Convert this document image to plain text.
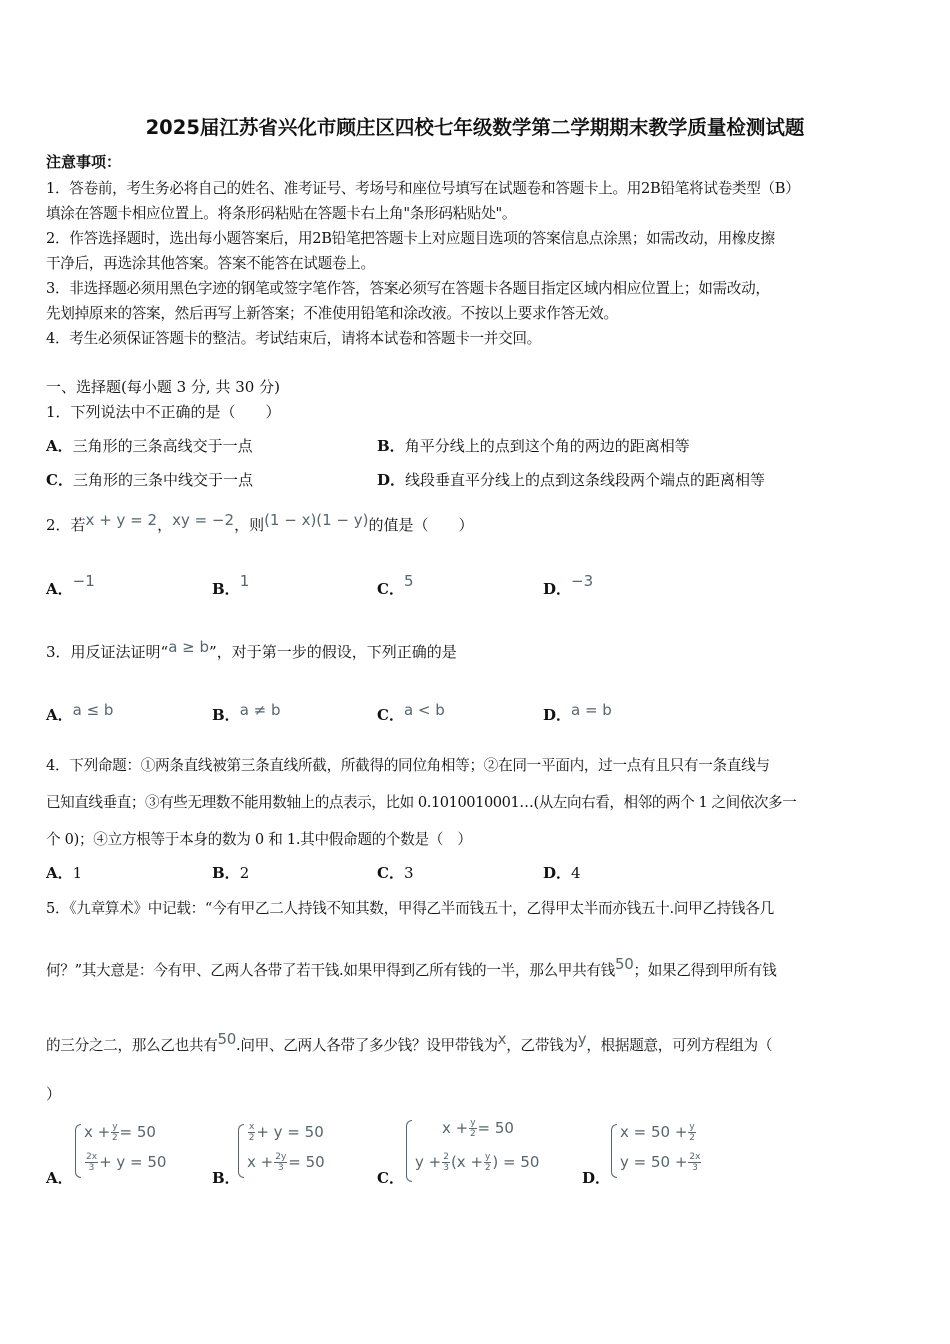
2025届江苏省兴化市顾庄区四校七年级数学第二学期期末教学质量检测试题
注意事项：
1．答卷前，考生务必将自己的姓名、准考证号、考场号和座位号填写在试题卷和答题卡上。用2B铅笔将试卷类型（B）
填涂在答题卡相应位置上。将条形码粘贴在答题卡右上角"条形码粘贴处"。
2．作答选择题时，选出每小题答案后，用2B铅笔把答题卡上对应题目选项的答案信息点涂黑；如需改动，用橡皮擦
干净后，再选涂其他答案。答案不能答在试题卷上。
3．非选择题必须用黑色字迹的钢笔或签字笔作答，答案必须写在答题卡各题目指定区域内相应位置上；如需改动，
先划掉原来的答案，然后再写上新答案；不准使用铅笔和涂改液。不按以上要求作答无效。
4．考生必须保证答题卡的整洁。考试结束后，请将本试卷和答题卡一并交回。
一、选择题(每小题 3 分, 共 30 分)
1．下列说法中不正确的是（　　）
A．三角形的三条高线交于一点	B．角平分线上的点到这个角的两边的距离相等
C．三角形的三条中线交于一点	D．线段垂直平分线上的点到这条线段两个端点的距离相等
2．若x + y = 2，xy = −2，则(1 − x)(1 − y)的值是（　　）
A．−1	B．1	C．5	D．−3
3．用反证法证明“a ≥ b”，对于第一步的假设，下列正确的是
A．a ≤ b	B．a ≠ b	C．a < b	D．a = b
4．下列命题：①两条直线被第三条直线所截，所截得的同位角相等；②在同一平面内，过一点有且只有一条直线与
已知直线垂直；③有些无理数不能用数轴上的点表示，比如 0.1010010001…(从左向右看，相邻的两个 1 之间依次多一
个 0)；④立方根等于本身的数为 0 和 1.其中假命题的个数是（　）
A．1	B．2	C．3	D．4
5．《九章算术》中记载：“今有甲乙二人持钱不知其数，甲得乙半而钱五十，乙得甲太半而亦钱五十.问甲乙持钱各几
何？”其大意是：今有甲、乙两人各带了若干钱.如果甲得到乙所有钱的一半，那么甲共有钱50；如果乙得到甲所有钱
的三分之二，那么乙也共有50.问甲、乙两人各带了多少钱？设甲带钱为x，乙带钱为y，根据题意，可列方程组为（
）
A．
$x + \frac{y}{2} = 50$
$\frac{2x}{3} + y = 50$
B．
$\frac{x}{2} + y = 50$
$x + \frac{2y}{3} = 50$
C．
$x + \frac{y}{2} = 50$
$y + \frac{2}{3} (x + \frac{y}{2}$ ) = 50
D．
$x = 50 + \frac{y}{2}$
$y = 50 + \frac{2x}{3}$
